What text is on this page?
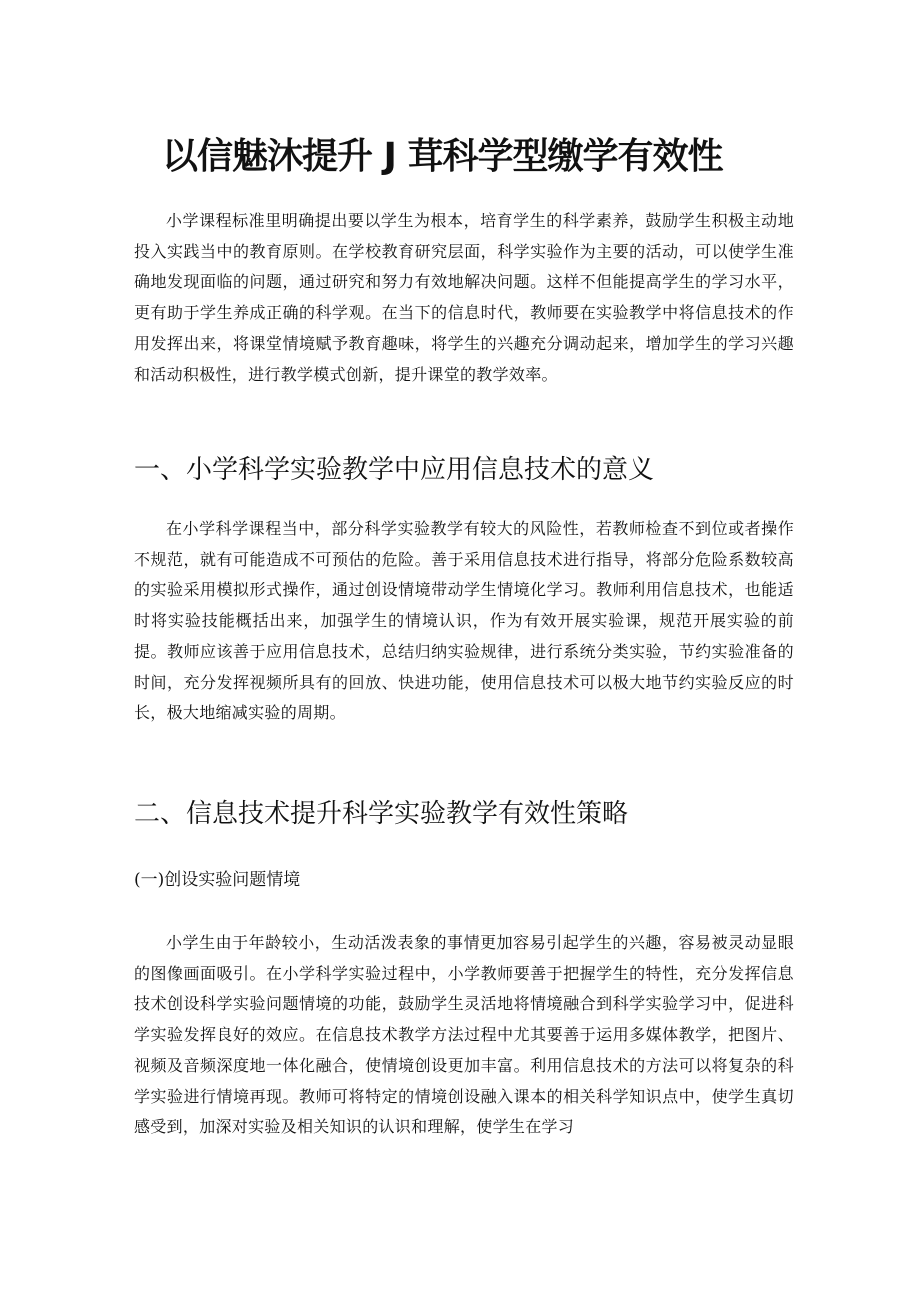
以信魅沐提升 J 茸科学型缴学有效性
小学课程标准里明确提出要以学生为根本，培育学生的科学素养，鼓励学生积极主动地投入实践当中的教育原则。在学校教育研究层面，科学实验作为主要的活动，可以使学生准确地发现面临的问题，通过研究和努力有效地解决问题。这样不但能提高学生的学习水平，更有助于学生养成正确的科学观。在当下的信息时代，教师要在实验教学中将信息技术的作用发挥出来，将课堂情境赋予教育趣味，将学生的兴趣充分调动起来，增加学生的学习兴趣和活动积极性，进行教学模式创新，提升课堂的教学效率。
一、小学科学实验教学中应用信息技术的意义
在小学科学课程当中，部分科学实验教学有较大的风险性，若教师检查不到位或者操作不规范，就有可能造成不可预估的危险。善于采用信息技术进行指导，将部分危险系数较高的实验采用模拟形式操作，通过创设情境带动学生情境化学习。教师利用信息技术，也能适时将实验技能概括出来，加强学生的情境认识，作为有效开展实验课，规范开展实验的前提。教师应该善于应用信息技术，总结归纳实验规律，进行系统分类实验，节约实验准备的时间，充分发挥视频所具有的回放、快进功能，使用信息技术可以极大地节约实验反应的时长，极大地缩减实验的周期。
二、信息技术提升科学实验教学有效性策略
(一)创设实验问题情境
小学生由于年龄较小，生动活泼表象的事情更加容易引起学生的兴趣，容易被灵动显眼的图像画面吸引。在小学科学实验过程中，小学教师要善于把握学生的特性，充分发挥信息技术创设科学实验问题情境的功能，鼓励学生灵活地将情境融合到科学实验学习中，促进科学实验发挥良好的效应。在信息技术教学方法过程中尤其要善于运用多媒体教学，把图片、视频及音频深度地一体化融合，使情境创设更加丰富。利用信息技术的方法可以将复杂的科学实验进行情境再现。教师可将特定的情境创设融入课本的相关科学知识点中，使学生真切感受到，加深对实验及相关知识的认识和理解，使学生在学习
